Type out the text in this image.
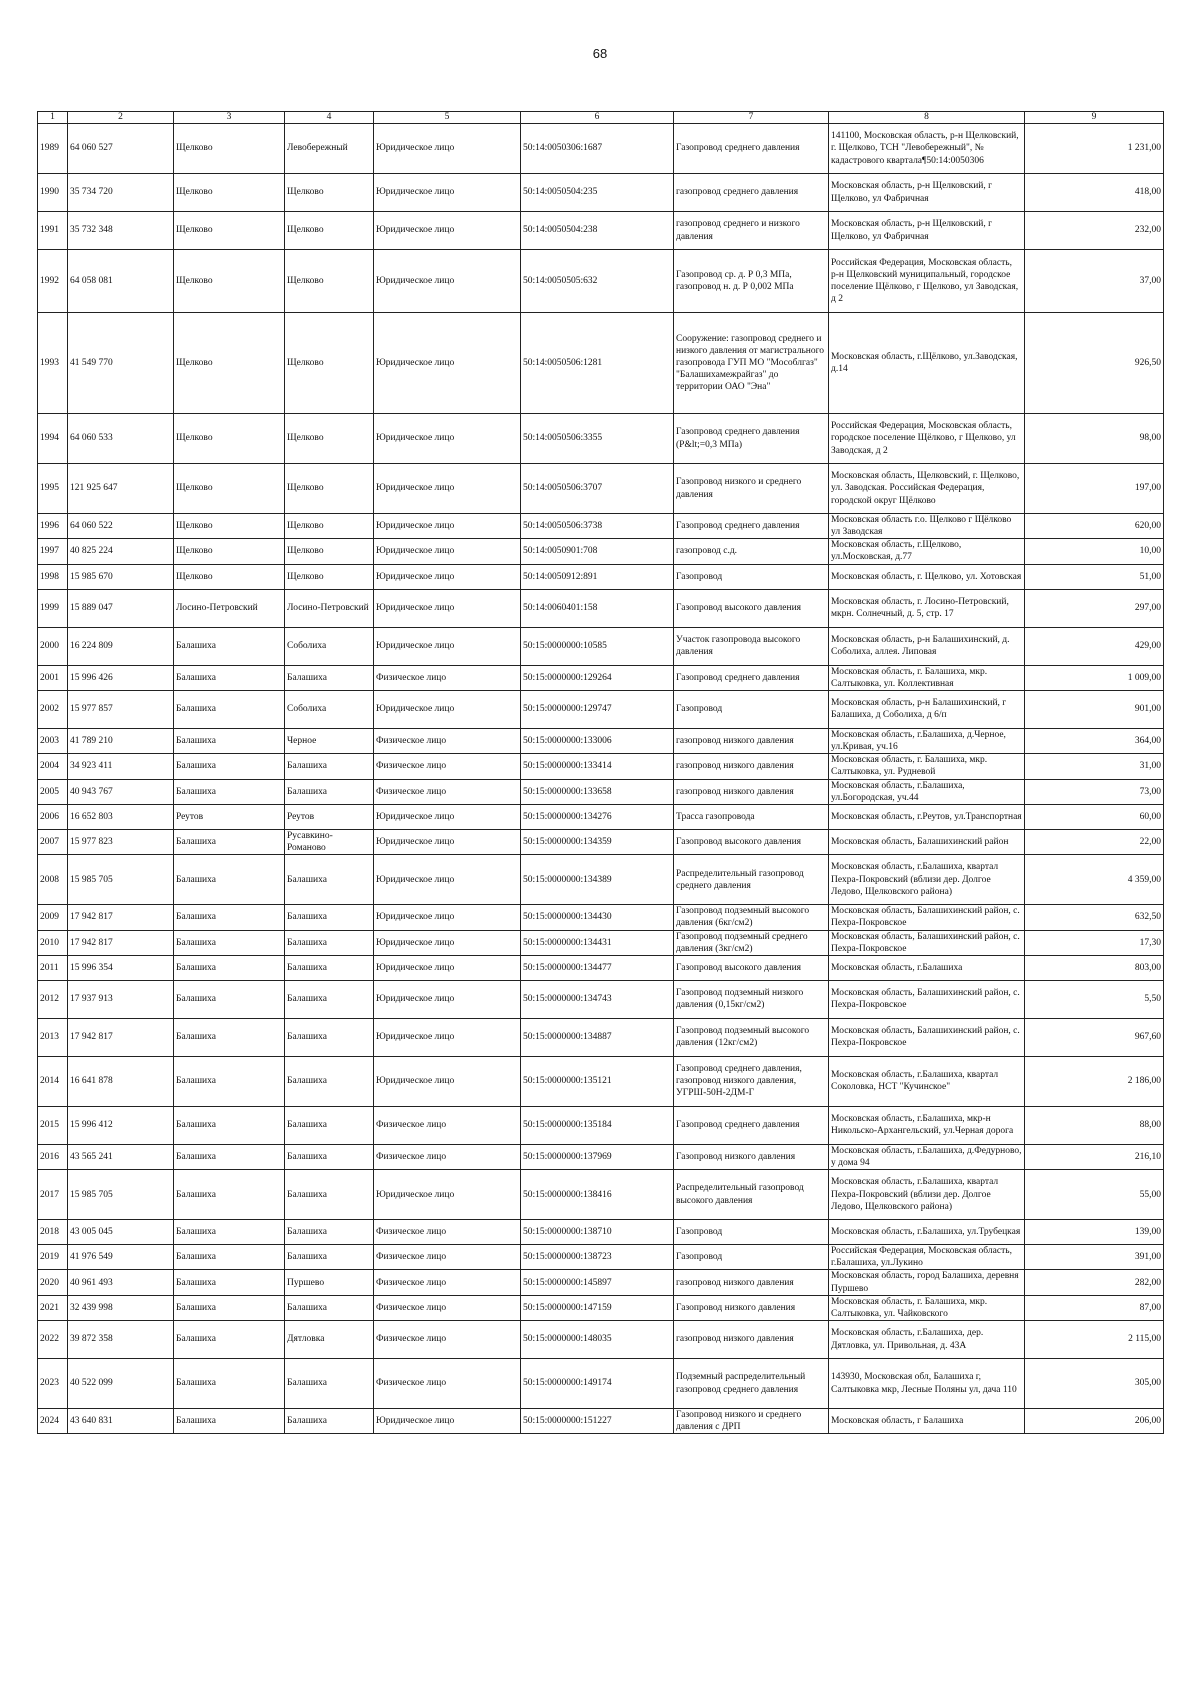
68
1	2	3	4	5	6	7	8	9
1989	64 060 527	Щелково	Левобережный	Юридическое лицо	50:14:0050306:1687	Газопровод среднего давления	141100, Московская область, р-н Щелковский, г. Щелково, ТСН "Левобережный", № кадастрового квартала¶50:14:0050306	1 231,00
1990	35 734 720	Щелково	Щелково	Юридическое лицо	50:14:0050504:235	газопровод среднего давления	Московская область, р-н Щелковский, г Щелково, ул Фабричная	418,00
1991	35 732 348	Щелково	Щелково	Юридическое лицо	50:14:0050504:238	газопровод среднего и низкого давления	Московская область, р-н Щелковский, г Щелково, ул Фабричная	232,00
1992	64 058 081	Щелково	Щелково	Юридическое лицо	50:14:0050505:632	Газопровод ср. д. Р 0,3 МПа, газопровод н. д. Р 0,002 МПа	Российская Федерация, Московская область, р-н Щелковский муниципальный, городское поселение Щёлково, г Щелково, ул Заводская, д 2	37,00
1993	41 549 770	Щелково	Щелково	Юридическое лицо	50:14:0050506:1281	Сооружение: газопровод среднего и низкого давления от магистрального газопровода ГУП МО "Мособлгаз" "Балашихамежрайгаз" до территории ОАО "Эна"	Московская область, г.Щёлково, ул.Заводская, д.14	926,50
1994	64 060 533	Щелково	Щелково	Юридическое лицо	50:14:0050506:3355	Газопровод среднего давления (P&lt;=0,3 МПа)	Российская Федерация, Московская область, городское поселение Щёлково, г Щелково, ул Заводская, д 2	98,00
1995	121 925 647	Щелково	Щелково	Юридическое лицо	50:14:0050506:3707	Газопровод низкого и среднего давления	Московская область, Щелковский, г. Щелково, ул. Заводская. Российская Федерация, городской округ Щёлково	197,00
1996	64 060 522	Щелково	Щелково	Юридическое лицо	50:14:0050506:3738	Газопровод среднего давления	Московская область г.о. Щелково г Щёлково ул Заводская	620,00
1997	40 825 224	Щелково	Щелково	Юридическое лицо	50:14:0050901:708	газопровод с.д.	Московская область, г.Щелково, ул.Московская, д.77	10,00
1998	15 985 670	Щелково	Щелково	Юридическое лицо	50:14:0050912:891	Газопровод	Московская область, г. Щелково, ул. Хотовская	51,00
1999	15 889 047	Лосино-Петровский	Лосино-Петровский	Юридическое лицо	50:14:0060401:158	Газопровод высокого давления	Московская область, г. Лосино-Петровский, мкрн. Солнечный, д. 5, стр. 17	297,00
2000	16 224 809	Балашиха	Соболиха	Юридическое лицо	50:15:0000000:10585	Участок газопровода высокого давления	Московская область, р-н Балашихинский, д. Соболиха, аллея. Липовая	429,00
2001	15 996 426	Балашиха	Балашиха	Физическое лицо	50:15:0000000:129264	Газопровод среднего давления	Московская область, г. Балашиха, мкр. Салтыковка, ул. Коллективная	1 009,00
2002	15 977 857	Балашиха	Соболиха	Юридическое лицо	50:15:0000000:129747	Газопровод	Московская область, р-н Балашихинский, г Балашиха, д Соболиха, д 6/п	901,00
2003	41 789 210	Балашиха	Черное	Физическое лицо	50:15:0000000:133006	газопровод низкого давления	Московская область, г.Балашиха, д.Черное, ул.Кривая, уч.16	364,00
2004	34 923 411	Балашиха	Балашиха	Физическое лицо	50:15:0000000:133414	газопровод низкого давления	Московская область, г. Балашиха, мкр. Салтыковка, ул. Рудневой	31,00
2005	40 943 767	Балашиха	Балашиха	Физическое лицо	50:15:0000000:133658	газопровод низкого давления	Московская область, г.Балашиха, ул.Богородская, уч.44	73,00
2006	16 652 803	Реутов	Реутов	Юридическое лицо	50:15:0000000:134276	Трасса газопровода	Московская область, г.Реутов, ул.Транспортная	60,00
2007	15 977 823	Балашиха	Русавкино-Романово	Юридическое лицо	50:15:0000000:134359	Газопровод высокого давления	Московская область, Балашихинский район	22,00
2008	15 985 705	Балашиха	Балашиха	Юридическое лицо	50:15:0000000:134389	Распределительный газопровод среднего давления	Московская область, г.Балашиха, квартал Пехра-Покровский (вблизи дер. Долгое Ледово, Щелковского района)	4 359,00
2009	17 942 817	Балашиха	Балашиха	Юридическое лицо	50:15:0000000:134430	Газопровод подземный высокого давления (6кг/см2)	Московская область, Балашихинский район, с. Пехра-Покровское	632,50
2010	17 942 817	Балашиха	Балашиха	Юридическое лицо	50:15:0000000:134431	Газопровод подземный среднего давления (3кг/см2)	Московская область, Балашихинский район, с. Пехра-Покровское	17,30
2011	15 996 354	Балашиха	Балашиха	Юридическое лицо	50:15:0000000:134477	Газопровод высокого давления	Московская область, г.Балашиха	803,00
2012	17 937 913	Балашиха	Балашиха	Юридическое лицо	50:15:0000000:134743	Газопровод подземный низкого давления (0,15кг/см2)	Московская область, Балашихинский район, с. Пехра-Покровское	5,50
2013	17 942 817	Балашиха	Балашиха	Юридическое лицо	50:15:0000000:134887	Газопровод подземный высокого давления (12кг/см2)	Московская область, Балашихинский район, с. Пехра-Покровское	967,60
2014	16 641 878	Балашиха	Балашиха	Юридическое лицо	50:15:0000000:135121	Газопровод среднего давления, газопровод низкого давления, УГРШ-50Н-2ДМ-Г	Московская область, г.Балашиха, квартал Соколовка, НСТ "Кучинское"	2 186,00
2015	15 996 412	Балашиха	Балашиха	Физическое лицо	50:15:0000000:135184	Газопровод среднего давления	Московская область, г.Балашиха, мкр-н Никольско-Архангельский, ул.Черная дорога	88,00
2016	43 565 241	Балашиха	Балашиха	Физическое лицо	50:15:0000000:137969	Газопровод низкого давления	Московская область, г.Балашиха, д.Федурново, у дома 94	216,10
2017	15 985 705	Балашиха	Балашиха	Юридическое лицо	50:15:0000000:138416	Распределительный газопровод высокого давления	Московская область, г.Балашиха, квартал Пехра-Покровский (вблизи дер. Долгое Ледово, Щелковского района)	55,00
2018	43 005 045	Балашиха	Балашиха	Физическое лицо	50:15:0000000:138710	Газопровод	Московская область, г.Балашиха, ул.Трубецкая	139,00
2019	41 976 549	Балашиха	Балашиха	Физическое лицо	50:15:0000000:138723	Газопровод	Российская Федерация, Московская область, г.Балашиха, ул.Лукино	391,00
2020	40 961 493	Балашиха	Пуршево	Физическое лицо	50:15:0000000:145897	газопровод низкого давления	Московская область, город Балашиха, деревня Пуршево	282,00
2021	32 439 998	Балашиха	Балашиха	Физическое лицо	50:15:0000000:147159	Газопровод низкого давления	Московская область, г. Балашиха, мкр. Салтыковка, ул. Чайковского	87,00
2022	39 872 358	Балашиха	Дятловка	Физическое лицо	50:15:0000000:148035	газопровод низкого давления	Московская область, г.Балашиха, дер. Дятловка, ул. Привольная, д. 43А	2 115,00
2023	40 522 099	Балашиха	Балашиха	Физическое лицо	50:15:0000000:149174	Подземный распределительный газопровод среднего давления	143930, Московская обл, Балашиха г, Салтыковка мкр, Лесные Поляны ул, дача 110	305,00
2024	43 640 831	Балашиха	Балашиха	Юридическое лицо	50:15:0000000:151227	Газопровод низкого и среднего давления с ДРП	Московская область, г Балашиха	206,00
